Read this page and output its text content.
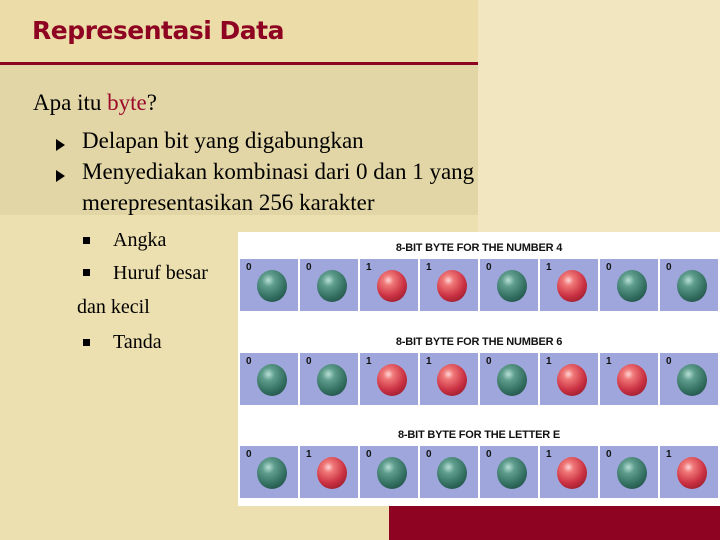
Representasi Data
Apa itu byte?
Delapan bit yang digabungkan
Menyediakan kombinasi dari 0 dan 1 yang
merepresentasikan 256 karakter
Angka
Huruf besar
dan kecil
Tanda
8-BIT BYTE FOR THE NUMBER 4
0	0	1	1	0	1	0	0
8-BIT BYTE FOR THE NUMBER 6
0	0	1	1	0	1	1	0
8-BIT BYTE FOR THE LETTER E
0	1	0	0	0	1	0	1
